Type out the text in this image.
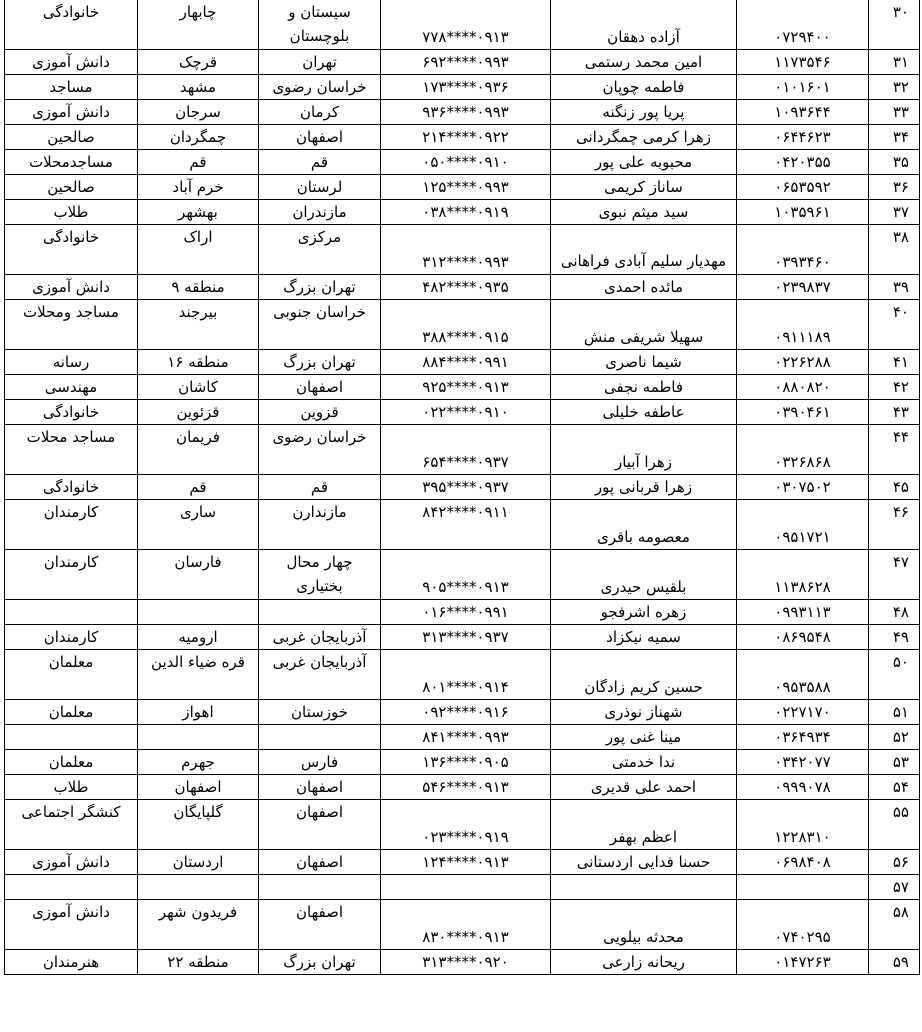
۳۰	۰۷۲۹۴۰۰	آزاده دهقان	۰۹۱۳****۷۷۸	سیستان و بلوچستان	چابهار	خانوادگی
۳۱	۱۱۷۳۵۴۶	امین محمد رستمی	۰۹۹۳****۶۹۲	تهران	قرچک	دانش آموزی
۳۲	۰۱۰۱۶۰۱	فاطمه چوپان	۰۹۳۶****۱۷۳	خراسان رضوی	مشهد	مساجد
۳۳	۱۰۹۳۶۴۴	پریا پور زنگنه	۰۹۹۳****۹۳۶	کرمان	سرجان	دانش آموزی
۳۴	۰۶۴۴۶۲۳	زهرا کرمی چمگردانی	۰۹۲۲****۲۱۴	اصفهان	چمگردان	صالحین
۳۵	۰۴۲۰۳۵۵	محبوبه علی پور	۰۹۱۰****۰۵۰	قم	قم	مساجدمحلات
۳۶	۰۶۵۳۵۹۲	ساناز کریمی	۰۹۹۳****۱۲۵	لرستان	خرم آباد	صالحین
۳۷	۱۰۳۵۹۶۱	سید میثم نبوی	۰۹۱۹****۰۳۸	مازندران	بهشهر	طلاب
۳۸	۰۳۹۳۴۶۰	مهدیار سلیم آبادی فراهانی	۰۹۹۳****۳۱۲	مرکزی	اراک	خانوادگی
۳۹	۰۲۳۹۸۳۷	مائده احمدی	۰۹۳۵****۴۸۲	تهران بزرگ	منطقه ۹	دانش آموزی
۴۰	۰۹۱۱۱۸۹	سهیلا شریفی منش	۰۹۱۵****۳۸۸	خراسان جنوبی	بیرجند	مساجد ومحلات
۴۱	۰۲۲۶۲۸۸	شیما ناصری	۰۹۹۱****۸۸۴	تهران بزرگ	منطقه ۱۶	رسانه
۴۲	۰۸۸۰۸۲۰	فاطمه نجفی	۰۹۱۳****۹۲۵	اصفهان	کاشان	مهندسی
۴۳	۰۳۹۰۴۶۱	عاطفه خلیلی	۰۹۱۰****۰۲۲	قزوین	قزئوین	خانوادگی
۴۴	۰۳۲۶۸۶۸	زهرا آبیار	۰۹۳۷****۶۵۴	خراسان رضوی	فریمان	مساجد محلات
۴۵	۰۳۰۷۵۰۲	زهرا قربانی پور	۰۹۳۷****۳۹۵	قم	قم	خانوادگی
۴۶	۰۹۵۱۷۲۱	معصومه باقری	۰۹۱۱****۸۴۲	مازندارن	ساری	کارمندان
۴۷	۱۱۳۸۶۲۸	بلقیس حیدری	۰۹۱۳****۹۰۵	چهار محال بختیاری	فارسان	کارمندان
۴۸	۰۹۹۳۱۱۳	زهره اشرفجو	۰۹۹۱****۰۱۶			
۴۹	۰۸۶۹۵۴۸	سمیه نیکزاد	۰۹۳۷****۳۱۳	آذربایجان غربی	ارومیه	کارمندان
۵۰	۰۹۵۳۵۸۸	حسین کریم زادگان	۰۹۱۴****۸۰۱	آذربایجان غربی	قره ضیاء الدین	معلمان
۵۱	۰۲۲۷۱۷۰	شهناز نوذری	۰۹۱۶****۰۹۲	خوزستان	اهواز	معلمان
۵۲	۰۳۶۴۹۳۴	مینا غنی پور	۰۹۹۳****۸۴۱			
۵۳	۰۳۴۲۰۷۷	ندا خدمتی	۰۹۰۵****۱۳۶	فارس	جهرم	معلمان
۵۴	۰۹۹۹۰۷۸	احمد علی قدیری	۰۹۱۳****۵۴۶	اصفهان	اصفهان	طلاب
۵۵	۱۲۲۸۳۱۰	اعظم بهفر	۰۹۱۹****۰۲۳	اصفهان	گلپایگان	کنشگر اجتماعی
۵۶	۰۶۹۸۴۰۸	حسنا فدایی اردستانی	۰۹۱۳****۱۲۴	اصفهان	اردستان	دانش آموزی
۵۷						
۵۸	۰۷۴۰۲۹۵	محدثه بیلویی	۰۹۱۳****۸۳۰	اصفهان	فریدون شهر	دانش آموزی
۵۹	۰۱۴۷۲۶۳	ریحانه زارعی	۰۹۲۰****۳۱۳	تهران بزرگ	منطقه ۲۲	هنرمندان
